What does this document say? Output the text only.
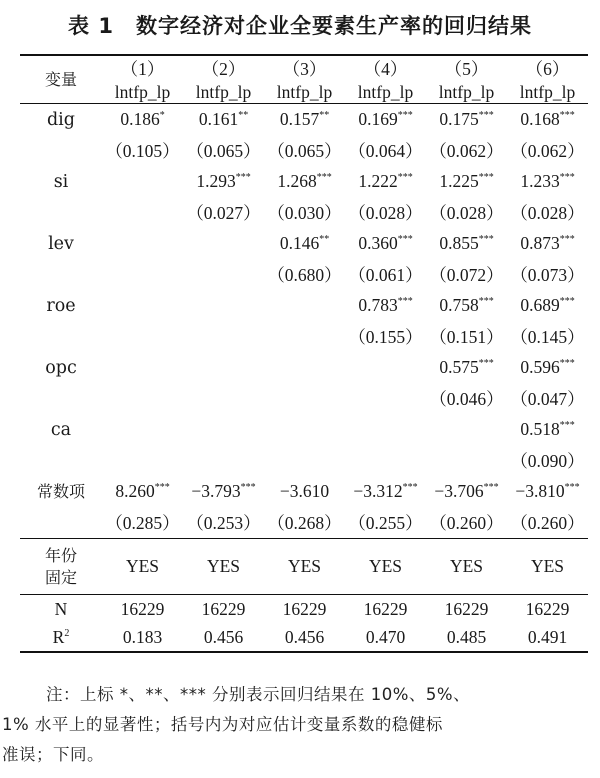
表 1　数字经济对企业全要素生产率的回归结果
变量	（1）	（2）	（3）	（4）	（5）	（6）
	lntfp_lp	lntfp_lp	lntfp_lp	lntfp_lp	lntfp_lp	lntfp_lp
dig	0.186*	0.161**	0.157**	0.169***	0.175***	0.168***
	（0.105）	（0.065）	（0.065）	（0.064）	（0.062）	（0.062）
si		1.293***	1.268***	1.222***	1.225***	1.233***
		（0.027）	（0.030）	（0.028）	（0.028）	（0.028）
lev			0.146**	0.360***	0.855***	0.873***
			（0.680）	（0.061）	（0.072）	（0.073）
roe				0.783***	0.758***	0.689***
				（0.155）	（0.151）	（0.145）
opc					0.575***	0.596***
					（0.046）	（0.047）
ca						0.518***
						（0.090）
常数项	8.260***	−3.793***	−3.610	−3.312***	−3.706***	−3.810***
	（0.285）	（0.253）	（0.268）	（0.255）	（0.260）	（0.260）

年份
固定	YES	YES	YES	YES	YES	YES
N	16229	16229	16229	16229	16229	16229
$R^2$	0.183	0.456	0.456	0.470	0.485	0.491
注：上标 *、**、*** 分别表示回归结果在 10%、5%、
1% 水平上的显著性；括号内为对应估计变量系数的稳健标
准误；下同。
